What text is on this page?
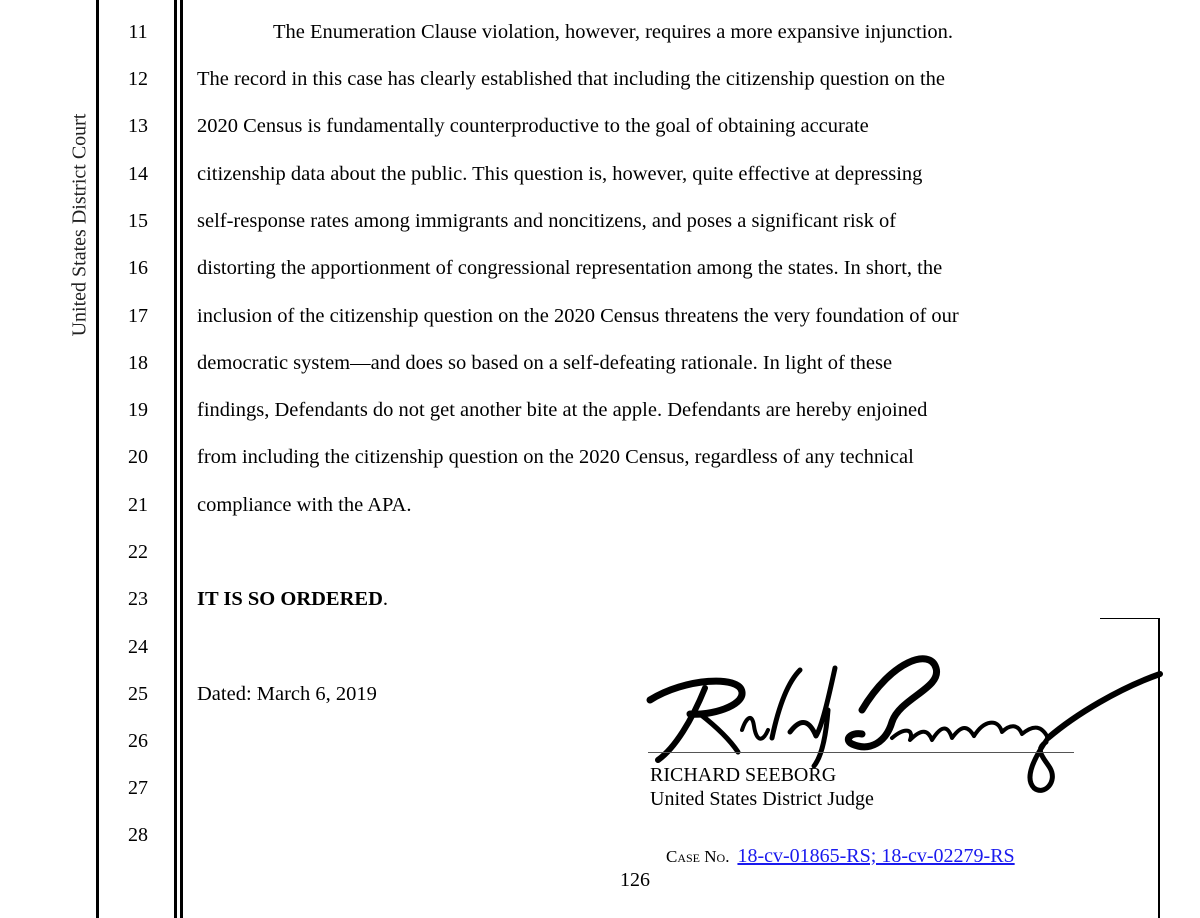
United States District Court
11
12
13
14
15
16
17
18
19
20
21
22
23
24
25
26
27
28
The Enumeration Clause violation, however, requires a more expansive injunction.
The record in this case has clearly established that including the citizenship question on the
2020 Census is fundamentally counterproductive to the goal of obtaining accurate
citizenship data about the public. This question is, however, quite effective at depressing
self-response rates among immigrants and noncitizens, and poses a significant risk of
distorting the apportionment of congressional representation among the states. In short, the
inclusion of the citizenship question on the 2020 Census threatens the very foundation of our
democratic system—and does so based on a self-defeating rationale. In light of these
findings, Defendants do not get another bite at the apple. Defendants are hereby enjoined
from including the citizenship question on the 2020 Census, regardless of any technical
compliance with the APA.
IT IS SO ORDERED.
Dated: March 6, 2019
RICHARD SEEBORG
United States District Judge
Case No. 18-cv-01865-RS; 18-cv-02279-RS
126
